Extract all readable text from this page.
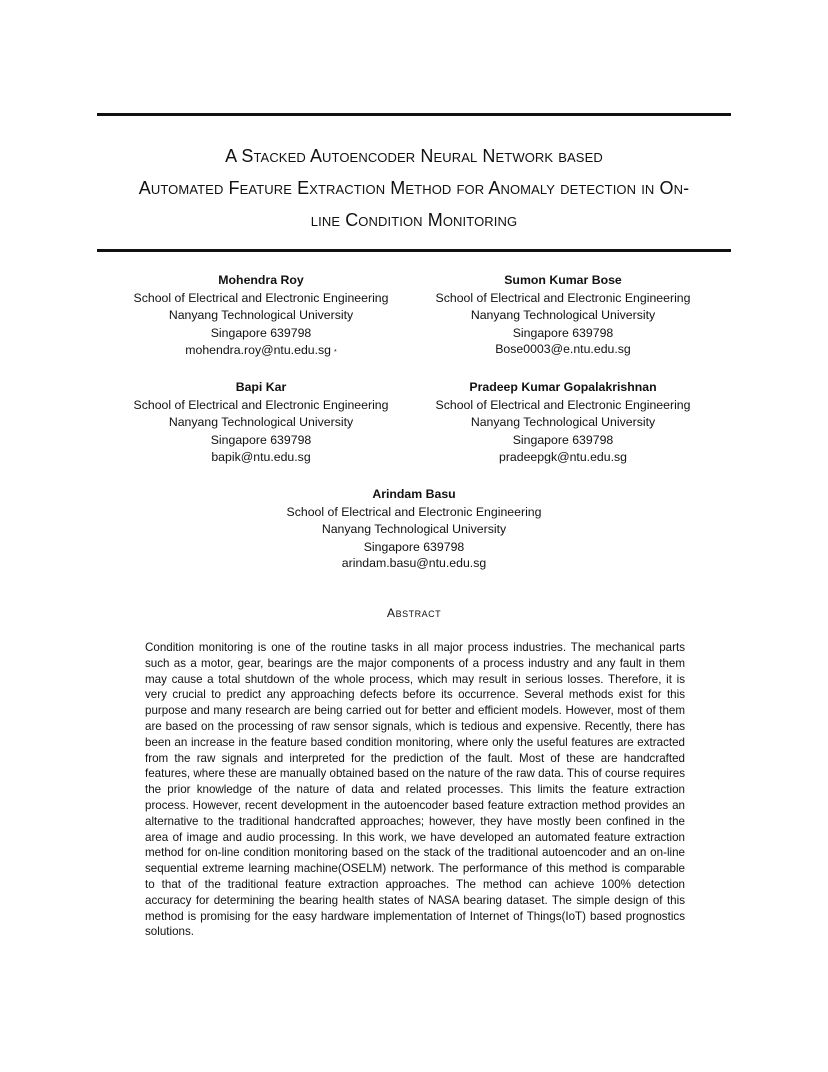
A Stacked Autoencoder Neural Network based
Automated Feature Extraction Method for Anomaly detection in On-
line Condition Monitoring
Mohendra Roy
School of Electrical and Electronic Engineering
Nanyang Technological University
Singapore 639798
mohendra.roy@ntu.edu.sg *
Sumon Kumar Bose
School of Electrical and Electronic Engineering
Nanyang Technological University
Singapore 639798
Bose0003@e.ntu.edu.sg
Bapi Kar
School of Electrical and Electronic Engineering
Nanyang Technological University
Singapore 639798
bapik@ntu.edu.sg
Pradeep Kumar Gopalakrishnan
School of Electrical and Electronic Engineering
Nanyang Technological University
Singapore 639798
pradeepgk@ntu.edu.sg
Arindam Basu
School of Electrical and Electronic Engineering
Nanyang Technological University
Singapore 639798
arindam.basu@ntu.edu.sg
Abstract
Condition monitoring is one of the routine tasks in all major process industries. The mechanical parts such as a motor, gear, bearings are the major components of a process industry and any fault in them may cause a total shutdown of the whole process, which may result in serious losses. Therefore, it is very crucial to predict any approaching defects before its occurrence. Several methods exist for this purpose and many research are being carried out for better and efficient models. However, most of them are based on the processing of raw sensor signals, which is tedious and expensive. Recently, there has been an increase in the feature based condition monitoring, where only the useful features are extracted from the raw signals and interpreted for the prediction of the fault. Most of these are handcrafted features, where these are manually obtained based on the nature of the raw data. This of course requires the prior knowledge of the nature of data and related processes. This limits the feature extraction process. However, recent development in the autoencoder based feature extraction method provides an alternative to the traditional handcrafted approaches; however, they have mostly been confined in the area of image and audio processing. In this work, we have developed an automated feature extraction method for on-line condition monitoring based on the stack of the traditional autoencoder and an on-line sequential extreme learning machine(OSELM) network. The performance of this method is comparable to that of the traditional feature extraction approaches. The method can achieve 100% detection accuracy for determining the bearing health states of NASA bearing dataset. The simple design of this method is promising for the easy hardware implementation of Internet of Things(IoT) based prognostics solutions.
